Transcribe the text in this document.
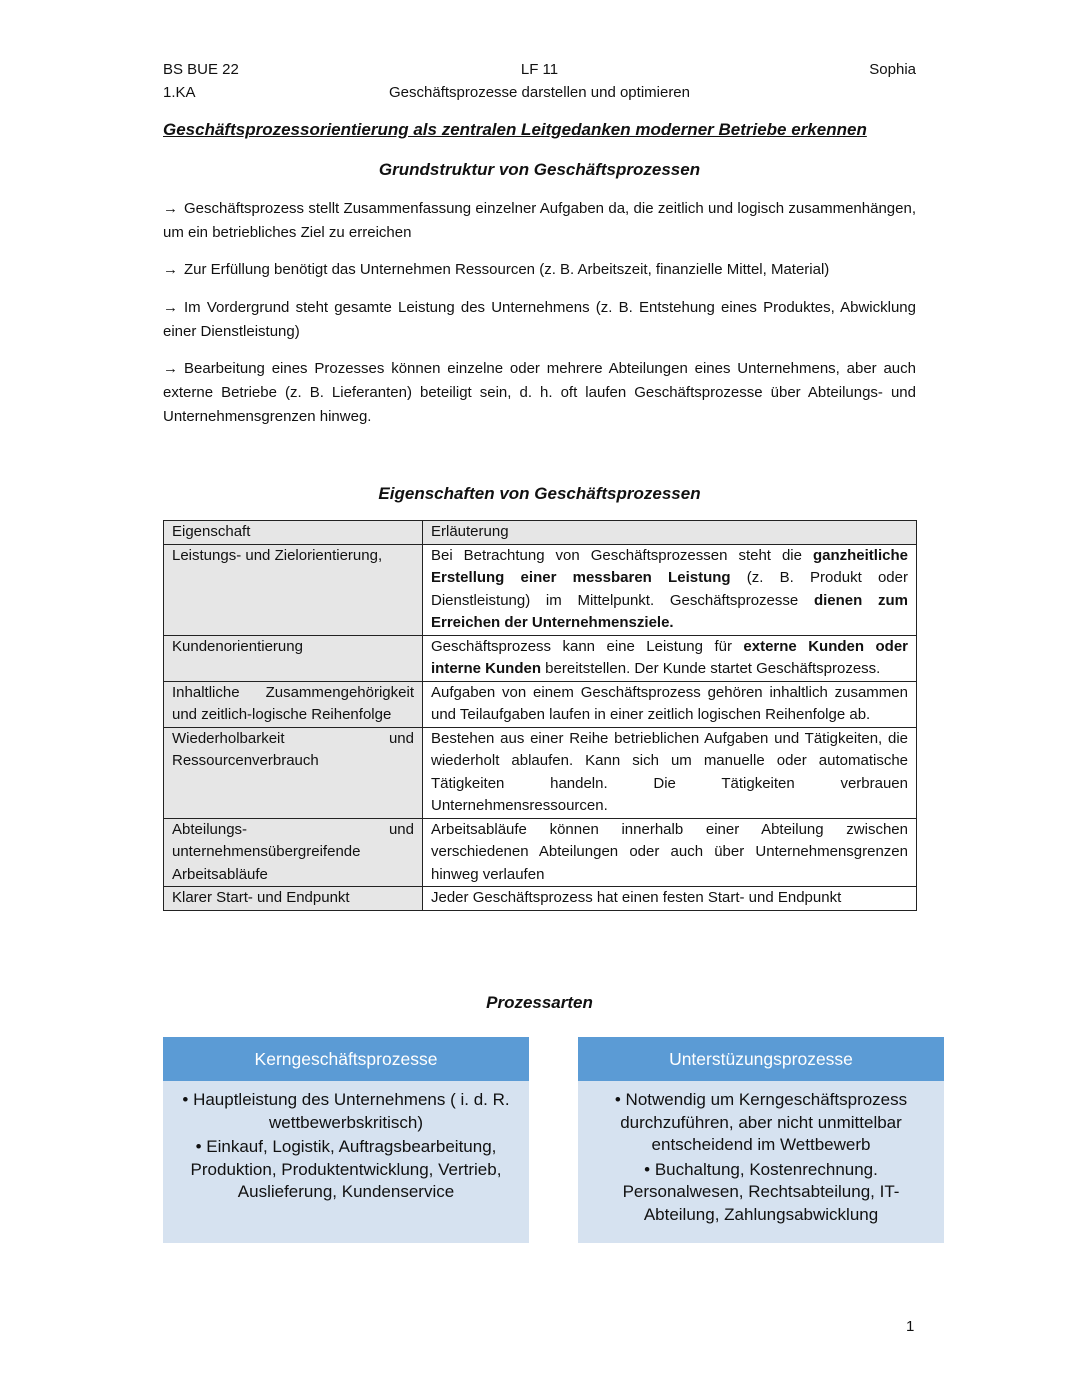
BS BUE 22
1.KA
LF 11
Geschäftsprozesse darstellen und optimieren
Sophia
Geschäftsprozessorientierung als zentralen Leitgedanken moderner Betriebe erkennen
Grundstruktur von Geschäftsprozessen
→ Geschäftsprozess stellt Zusammenfassung einzelner Aufgaben da, die zeitlich und logisch zusammenhängen, um ein betriebliches Ziel zu erreichen
→ Zur Erfüllung benötigt das Unternehmen Ressourcen (z. B. Arbeitszeit, finanzielle Mittel, Material)
→ Im Vordergrund steht gesamte Leistung des Unternehmens (z. B. Entstehung eines Produktes, Abwicklung einer Dienstleistung)
→ Bearbeitung eines Prozesses können einzelne oder mehrere Abteilungen eines Unternehmens, aber auch externe Betriebe (z. B. Lieferanten) beteiligt sein, d. h. oft laufen Geschäftsprozesse über Abteilungs- und Unternehmensgrenzen hinweg.
Eigenschaften von Geschäftsprozessen
Eigenschaft	Erläuterung
Leistungs- und Zielorientierung,	Bei Betrachtung von Geschäftsprozessen steht die ganzheitliche Erstellung einer messbaren Leistung (z. B. Produkt oder Dienstleistung) im Mittelpunkt. Geschäftsprozesse dienen zum Erreichen der Unternehmensziele.
Kundenorientierung	Geschäftsprozess kann eine Leistung für externe Kunden oder interne Kunden bereitstellen. Der Kunde startet Geschäftsprozess.
Inhaltliche Zusammengehörigkeit und zeitlich-logische Reihenfolge	Aufgaben von einem Geschäftsprozess gehören inhaltlich zusammen und Teilaufgaben laufen in einer zeitlich logischen Reihenfolge ab.
Wiederholbarkeit und Ressourcenverbrauch	Bestehen aus einer Reihe betrieblichen Aufgaben und Tätigkeiten, die wiederholt ablaufen. Kann sich um manuelle oder automatische Tätigkeiten handeln. Die Tätigkeiten verbrauen Unternehmensressourcen.
Abteilungs- und unternehmensübergreifende Arbeitsabläufe	Arbeitsabläufe können innerhalb einer Abteilung zwischen verschiedenen Abteilungen oder auch über Unternehmensgrenzen hinweg verlaufen
Klarer Start- und Endpunkt	Jeder Geschäftsprozess hat einen festen Start- und Endpunkt
Prozessarten
Kerngeschäftsprozesse
• Hauptleistung des Unternehmens ( i. d. R. wettbewerbskritisch)
• Einkauf, Logistik, Auftragsbearbeitung, Produktion, Produktentwicklung, Vertrieb, Auslieferung, Kundenservice
Unterstüzungsprozesse
• Notwendig um Kerngeschäftsprozess durchzuführen, aber nicht unmittelbar entscheidend im Wettbewerb
• Buchaltung, Kostenrechnung. Personalwesen, Rechtsabteilung, IT-Abteilung, Zahlungsabwicklung
1
